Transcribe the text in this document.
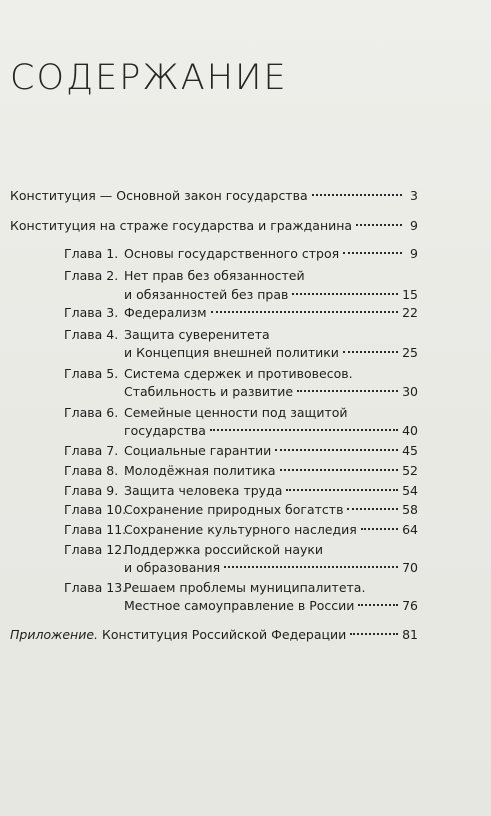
СОДЕРЖАНИЕ
Конституция — Основной закон государства	3
Конституция на страже государства и гражданина	9
Глава 1. Основы государственного строя	9
Глава 2. Нет прав без обязанностей
и обязанностей без прав	15
Глава 3. Федерализм	22
Глава 4. Защита суверенитета
и Концепция внешней политики	25
Глава 5. Система сдержек и противовесов.
Стабильность и развитие	30
Глава 6. Семейные ценности под защитой
государства	40
Глава 7. Социальные гарантии	45
Глава 8. Молодёжная политика	52
Глава 9. Защита человека труда	54
Глава 10.
Сохранение природных богатств	58
Глава 11.
Сохранение культурного наследия	64
Глава 12.
Поддержка российской науки
и образования	70
Глава 13.
Решаем проблемы муниципалитета.
Местное самоуправление в России	76
Приложение. Конституция Российской Федерации	81
